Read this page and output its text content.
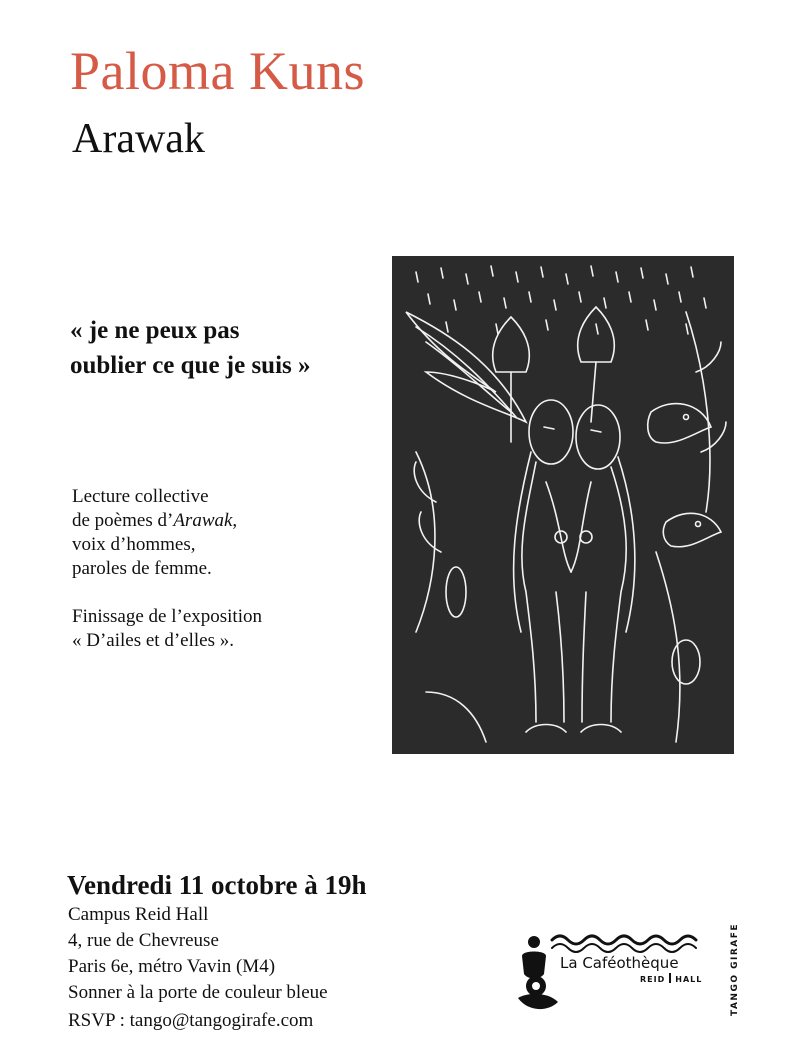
Paloma Kuns
Arawak
« je ne peux pas
oublier ce que je suis »
Lecture collective
de poèmes d’Arawak,
voix d’hommes,
paroles de femme.
Finissage de l’exposition
« D’ailes et d’elles ».
Vendredi 11 octobre à 19h
Campus Reid Hall
4, rue de Chevreuse
Paris 6e, métro Vavin (M4)
Sonner à la porte de couleur bleue
RSVP : tango@tangogirafe.com
La Caféothèque
REID HALL	TANGO GIRAFE
